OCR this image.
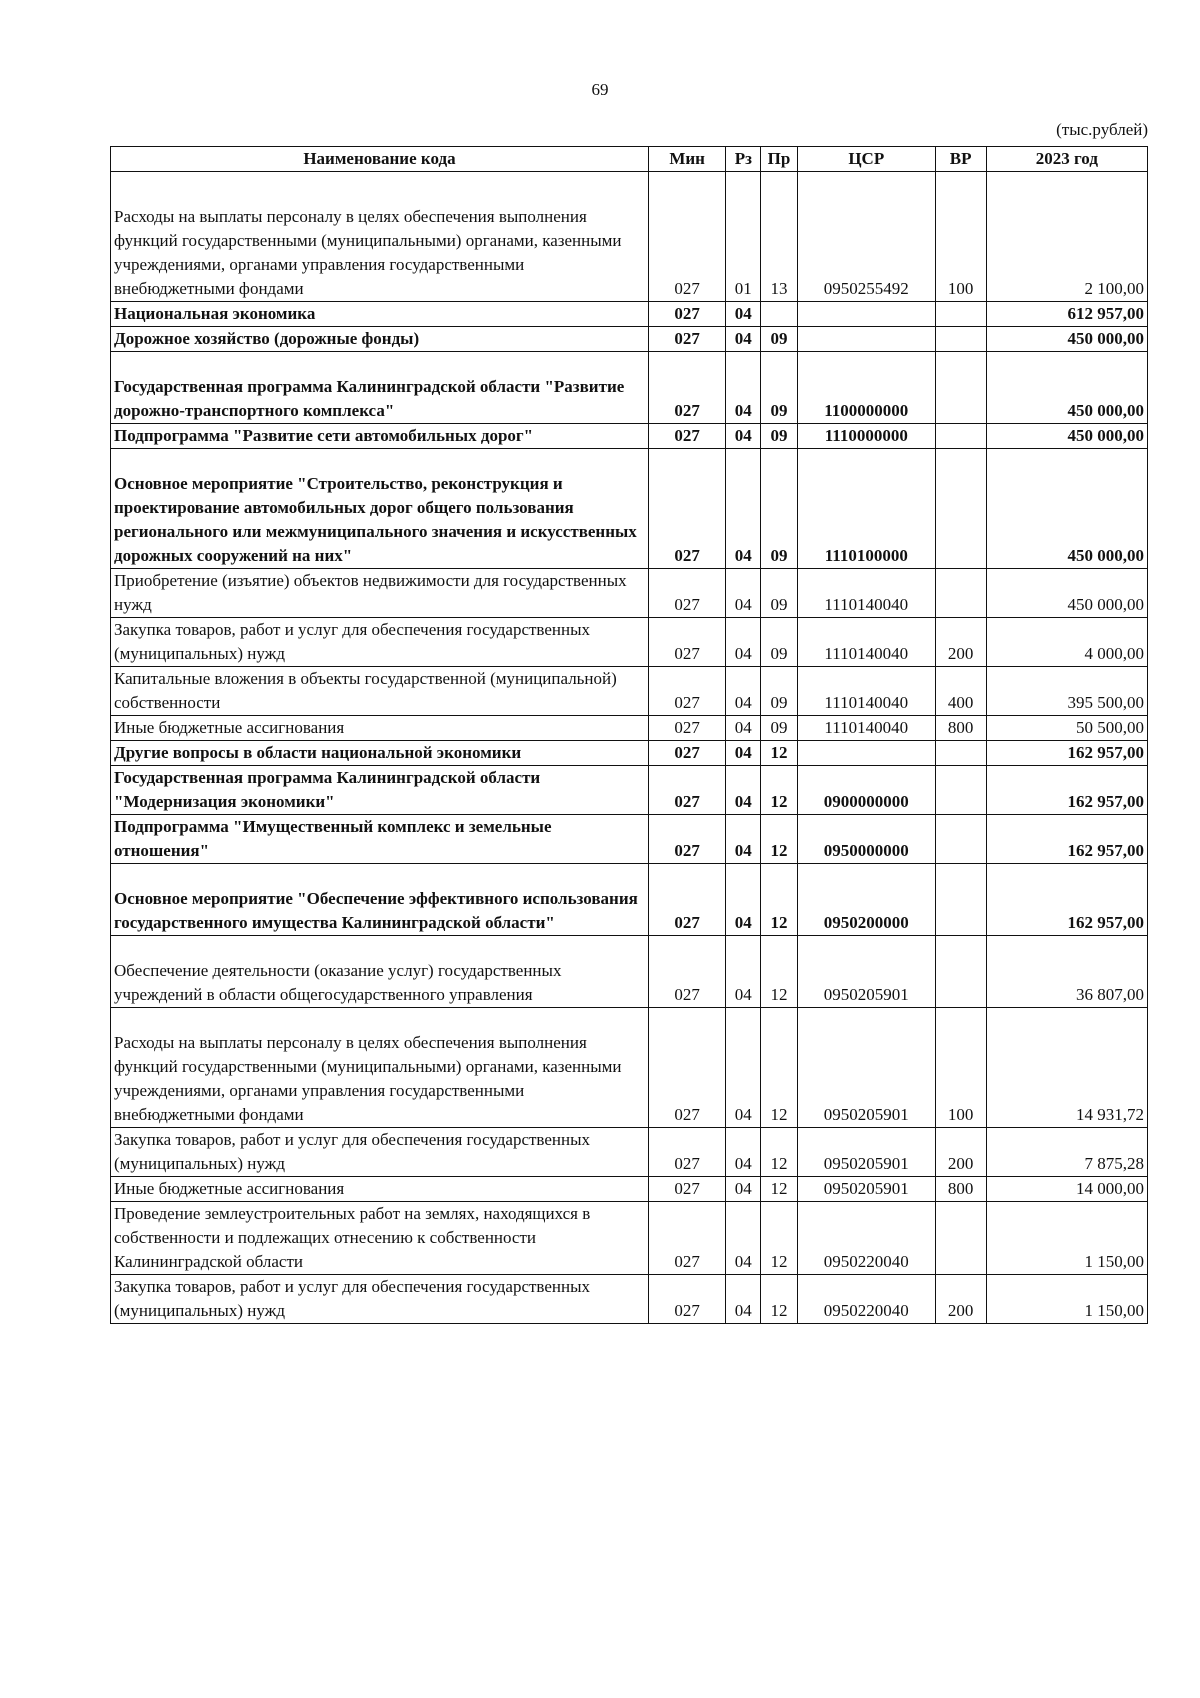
69
(тыс.рублей)
Наименование кода	Мин	Рз	Пр	ЦСР	ВР	2023 год
Расходы на выплаты персоналу в целях обеспечения выполнения функций государственными (муниципальными) органами, казенными учреждениями, органами управления государственными внебюджетными фондами	027	01	13	0950255492	100	2 100,00
Национальная экономика	027	04				612 957,00
Дорожное хозяйство (дорожные фонды)	027	04	09			450 000,00
Государственная программа Калининградской области "Развитие дорожно-транспортного комплекса"	027	04	09	1100000000		450 000,00
Подпрограмма "Развитие сети автомобильных дорог"	027	04	09	1110000000		450 000,00
Основное мероприятие "Строительство, реконструкция и проектирование автомобильных дорог общего пользования регионального или межмуниципального значения и искусственных дорожных сооружений на них"	027	04	09	1110100000		450 000,00
Приобретение (изъятие) объектов недвижимости для государственных нужд	027	04	09	1110140040		450 000,00
Закупка товаров, работ и услуг для обеспечения государственных (муниципальных) нужд	027	04	09	1110140040	200	4 000,00
Капитальные вложения в объекты государственной (муниципальной) собственности	027	04	09	1110140040	400	395 500,00
Иные бюджетные ассигнования	027	04	09	1110140040	800	50 500,00
Другие вопросы в области национальной экономики	027	04	12			162 957,00
Государственная программа Калининградской области "Модернизация экономики"	027	04	12	0900000000		162 957,00
Подпрограмма "Имущественный комплекс и земельные отношения"	027	04	12	0950000000		162 957,00
Основное мероприятие "Обеспечение эффективного использования государственного имущества Калининградской области"	027	04	12	0950200000		162 957,00
Обеспечение деятельности (оказание услуг) государственных учреждений в области общегосударственного управления	027	04	12	0950205901		36 807,00
Расходы на выплаты персоналу в целях обеспечения выполнения функций государственными (муниципальными) органами, казенными учреждениями, органами управления государственными внебюджетными фондами	027	04	12	0950205901	100	14 931,72
Закупка товаров, работ и услуг для обеспечения государственных (муниципальных) нужд	027	04	12	0950205901	200	7 875,28
Иные бюджетные ассигнования	027	04	12	0950205901	800	14 000,00
Проведение землеустроительных работ на землях, находящихся в собственности и подлежащих отнесению к собственности Калининградской области	027	04	12	0950220040		1 150,00
Закупка товаров, работ и услуг для обеспечения государственных (муниципальных) нужд	027	04	12	0950220040	200	1 150,00
